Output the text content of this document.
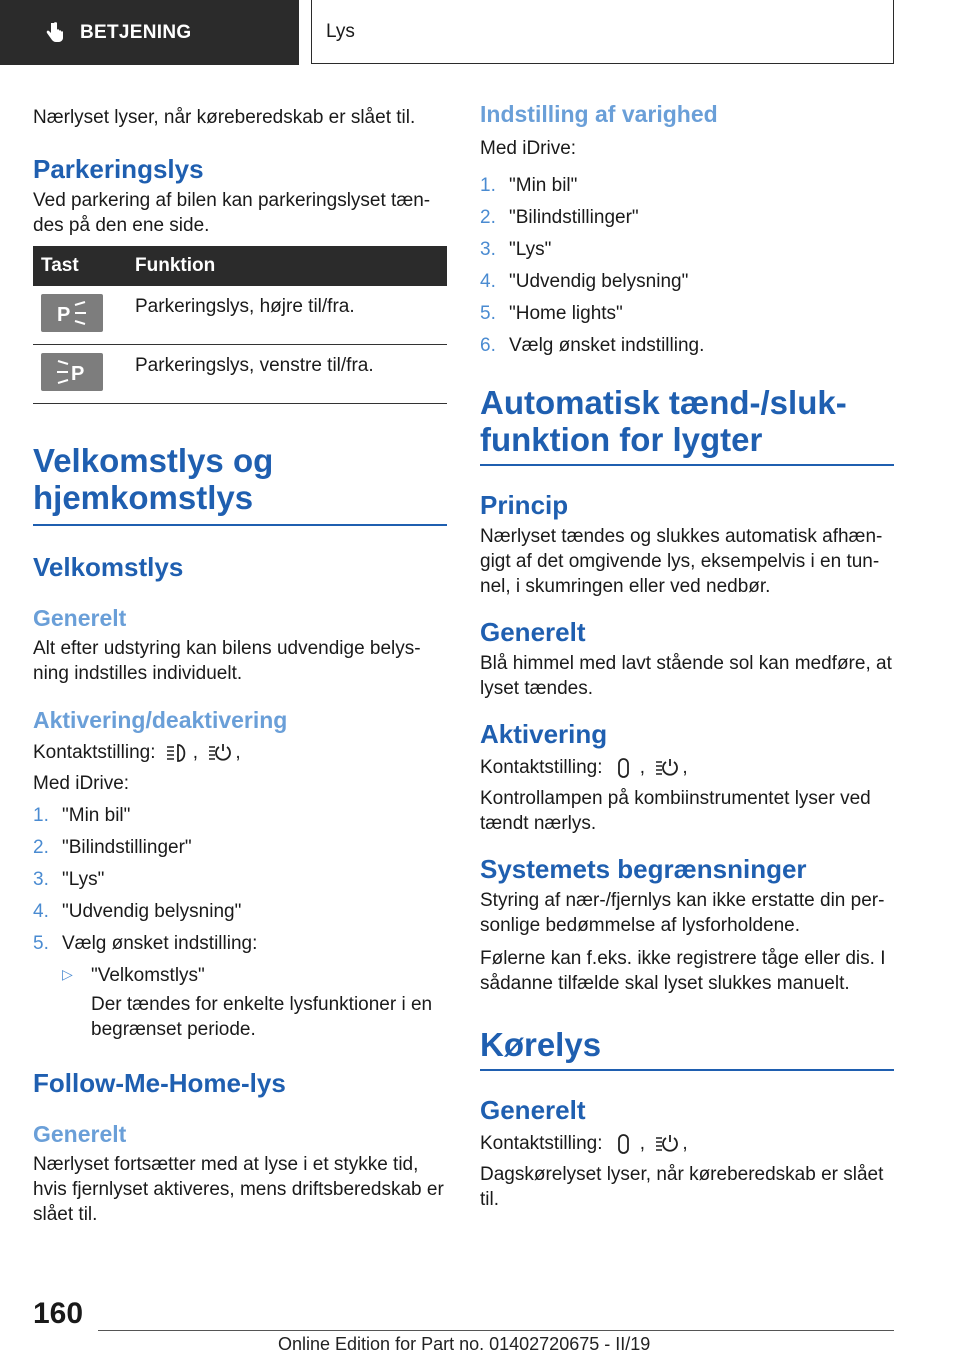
BETJENING	Lys

Nærlyset lyser, når køreberedskab er slået til.

Parkeringslys

Ved parkering af bilen kan parkeringslyset tændes på den ene side.

Tast	Funktion

P	Parkeringslys, højre til/fra.

P	Parkeringslys, venstre til/fra.
Velkomstlys og hjemkomstlys
Velkomstlys
Generelt

Alt efter udstyring kan bilens udvendige belysning indstilles individuelt.

Aktivering/deaktivering

Kontaktstilling: , ,

Med iDrive:

1. "Min bil"
2. "Bilindstillinger"
3. "Lys"
4. "Udvendig belysning"
5. Vælg ønsket indstilling:
▷ "Velkomstlys"

Der tændes for enkelte lysfunktioner i en begrænset periode.

Follow-Me-Home-lys
Generelt

Nærlyset fortsætter med at lyse i et stykke tid, hvis fjernlyset aktiveres, mens driftsberedskab er slået til.

Indstilling af varighed

Med iDrive:

1. "Min bil"
2. "Bilindstillinger"
3. "Lys"
4. "Udvendig belysning"
5. "Home lights"
6. Vælg ønsket indstilling.
Automatisk tænd-/slukfunktion for lygter
Princip

Nærlyset tændes og slukkes automatisk afhængigt af det omgivende lys, eksempelvis i en tunnel, i skumringen eller ved nedbør.

Generelt

Blå himmel med lavt stående sol kan medføre, at lyset tændes.

Aktivering

Kontaktstilling: , ,

Kontrollampen på kombiinstrumentet lyser ved tændt nærlys.

Systemets begrænsninger

Styring af nær-/fjernlys kan ikke erstatte din personlige bedømmelse af lysforholdene.

Følerne kan f.eks. ikke registrere tåge eller dis. I sådanne tilfælde skal lyset slukkes manuelt.

Kørelys
Generelt

Kontaktstilling: , ,

Dagskørelyset lyser, når køreberedskab er slået til.

160
Online Edition for Part no. 01402720675 - II/19
